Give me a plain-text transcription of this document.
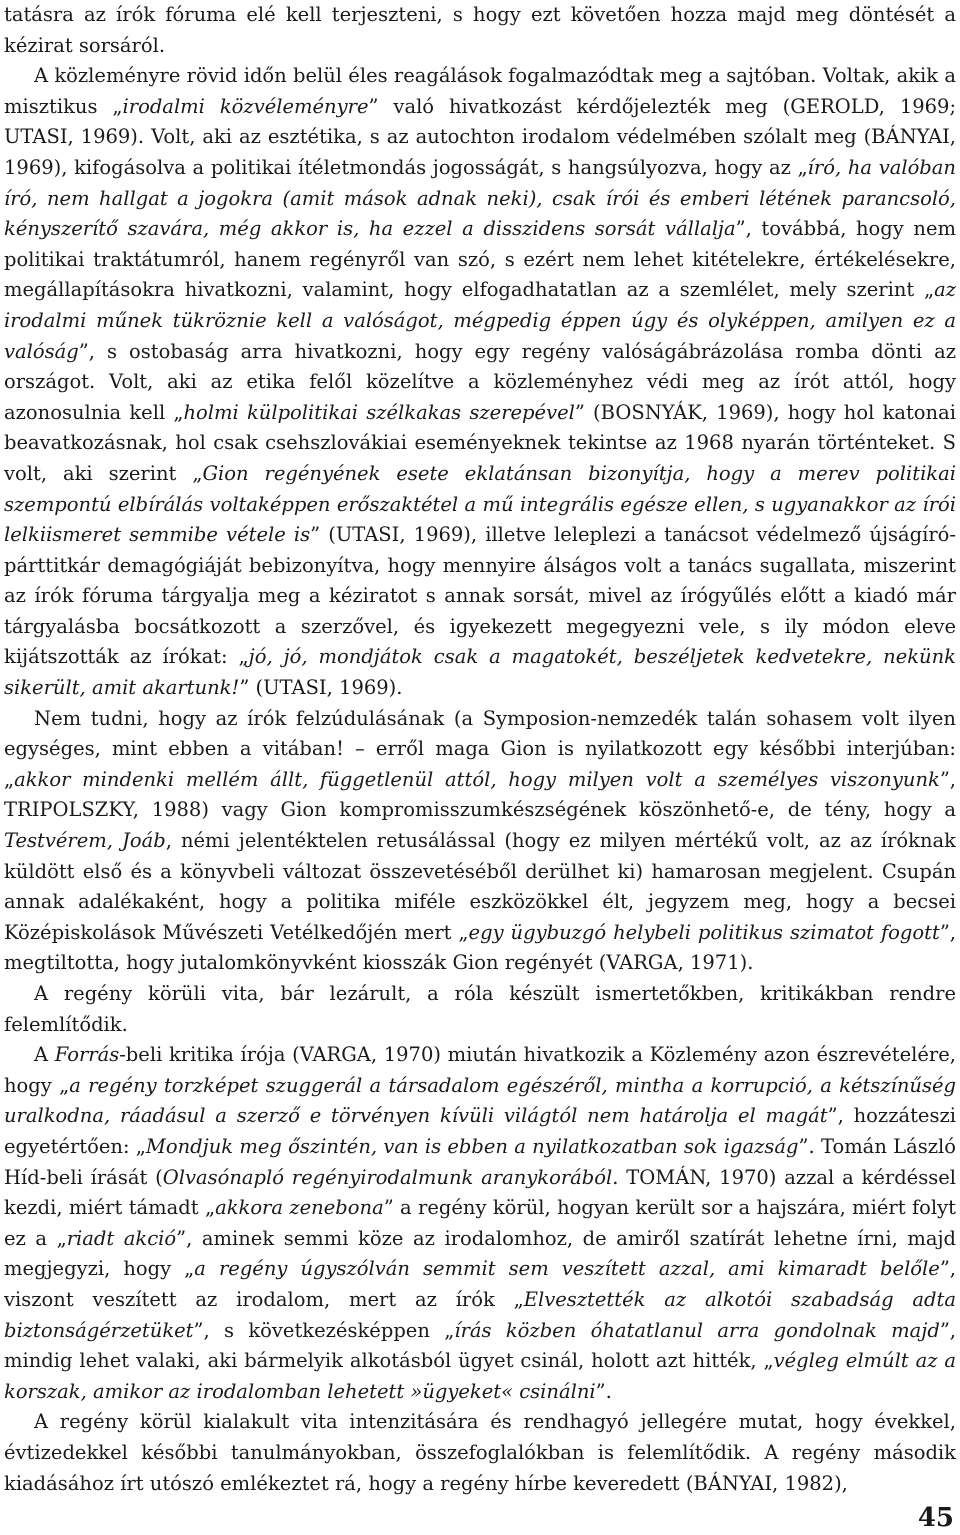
tatásra az írók fóruma elé kell terjeszteni, s hogy ezt követően hozza majd meg döntését a kézirat sorsáról.

A közleményre rövid időn belül éles reagálások fogalmazódtak meg a sajtóban. Voltak, akik a misztikus „irodalmi közvéleményre” való hivatkozást kérdőjelezték meg (GEROLD, 1969; UTASI, 1969). Volt, aki az esztétika, s az autochton irodalom védelmében szólalt meg (BÁNYAI, 1969), kifogásolva a politikai ítéletmondás jogosságát, s hangsúlyozva, hogy az „író, ha valóban író, nem hallgat a jogokra (amit mások adnak neki), csak írói és emberi létének parancsoló, kényszerítő szavára, még akkor is, ha ezzel a disszidens sorsát vállalja”, továbbá, hogy nem politikai traktátumról, hanem regényről van szó, s ezért nem lehet kitételekre, értékelésekre, megállapításokra hivatkozni, valamint, hogy elfogadhatatlan az a szemlélet, mely szerint „az irodalmi műnek tükröznie kell a valóságot, mégpedig éppen úgy és olyképpen, amilyen ez a valóság”, s ostobaság arra hivatkozni, hogy egy regény valóságábrázolása romba dönti az országot. Volt, aki az etika felől közelítve a közleményhez védi meg az írót attól, hogy azonosulnia kell „holmi külpolitikai szélkakas szerepével” (BOSNYÁK, 1969), hogy hol katonai beavatkozásnak, hol csak csehszlovákiai eseményeknek tekintse az 1968 nyarán történteket. S volt, aki szerint „Gion regényének esete eklatánsan bizonyítja, hogy a merev politikai szempontú elbírálás voltaképpen erőszaktétel a mű integrális egésze ellen, s ugyanakkor az írói lelkiismeret semmibe vétele is” (UTASI, 1969), illetve leleplezi a tanácsot védelmező újságíró-párttitkár demagógiáját bebizonyítva, hogy mennyire álságos volt a tanács sugallata, miszerint az írók fóruma tárgyalja meg a kéziratot s annak sorsát, mivel az írógyűlés előtt a kiadó már tárgyalásba bocsátkozott a szerzővel, és igyekezett megegyezni vele, s ily módon eleve kijátszották az írókat: „jó, jó, mondjátok csak a magatokét, beszéljetek kedvetekre, nekünk sikerült, amit akartunk!” (UTASI, 1969).

Nem tudni, hogy az írók felzúdulásának (a Symposion-nemzedék talán sohasem volt ilyen egységes, mint ebben a vitában! – erről maga Gion is nyilatkozott egy későbbi interjúban: „akkor mindenki mellém állt, függetlenül attól, hogy milyen volt a személyes viszonyunk”, TRIPOLSZKY, 1988) vagy Gion kompromisszumkészségének köszönhető-e, de tény, hogy a Testvérem, Joáb, némi jelentéktelen retusálással (hogy ez milyen mértékű volt, az az íróknak küldött első és a könyvbeli változat összevetéséből derülhet ki) hamarosan megjelent. Csupán annak adalékaként, hogy a politika miféle eszközökkel élt, jegyzem meg, hogy a becsei Középiskolások Művészeti Vetélkedőjén mert „egy ügybuzgó helybeli politikus szimatot fogott”, megtiltotta, hogy jutalomkönyvként kiosszák Gion regényét (VARGA, 1971).

A regény körüli vita, bár lezárult, a róla készült ismertetőkben, kritikákban rendre felemlítődik.

A Forrás-beli kritika írója (VARGA, 1970) miután hivatkozik a Közlemény azon észrevételére, hogy „a regény torzképet szuggerál a társadalom egészéről, mintha a korrupció, a kétszínűség uralkodna, ráadásul a szerző e törvényen kívüli világtól nem határolja el magát”, hozzáteszi egyetértően: „Mondjuk meg őszintén, van is ebben a nyilatkozatban sok igazság”. Tomán László Híd-beli írását (Olvasónapló regényirodalmunk aranykorából. TOMÁN, 1970) azzal a kérdéssel kezdi, miért támadt „akkora zenebona” a regény körül, hogyan került sor a hajszára, miért folyt ez a „riadt akció”, aminek semmi köze az irodalomhoz, de amiről szatírát lehetne írni, majd megjegyzi, hogy „a regény úgyszólván semmit sem veszített azzal, ami kimaradt belőle”, viszont veszített az irodalom, mert az írók „Elvesztették az alkotói szabadság adta biztonságérzetüket”, s következésképpen „írás közben óhatatlanul arra gondolnak majd”, mindig lehet valaki, aki bármelyik alkotásból ügyet csinál, holott azt hitték, „végleg elmúlt az a korszak, amikor az irodalomban lehetett »ügyeket« csinálni”.

A regény körül kialakult vita intenzitására és rendhagyó jellegére mutat, hogy évekkel, évtizedekkel későbbi tanulmányokban, összefoglalókban is felemlítődik. A regény második kiadásához írt utószó emlékeztet rá, hogy a regény hírbe keveredett (BÁNYAI, 1982),

45
